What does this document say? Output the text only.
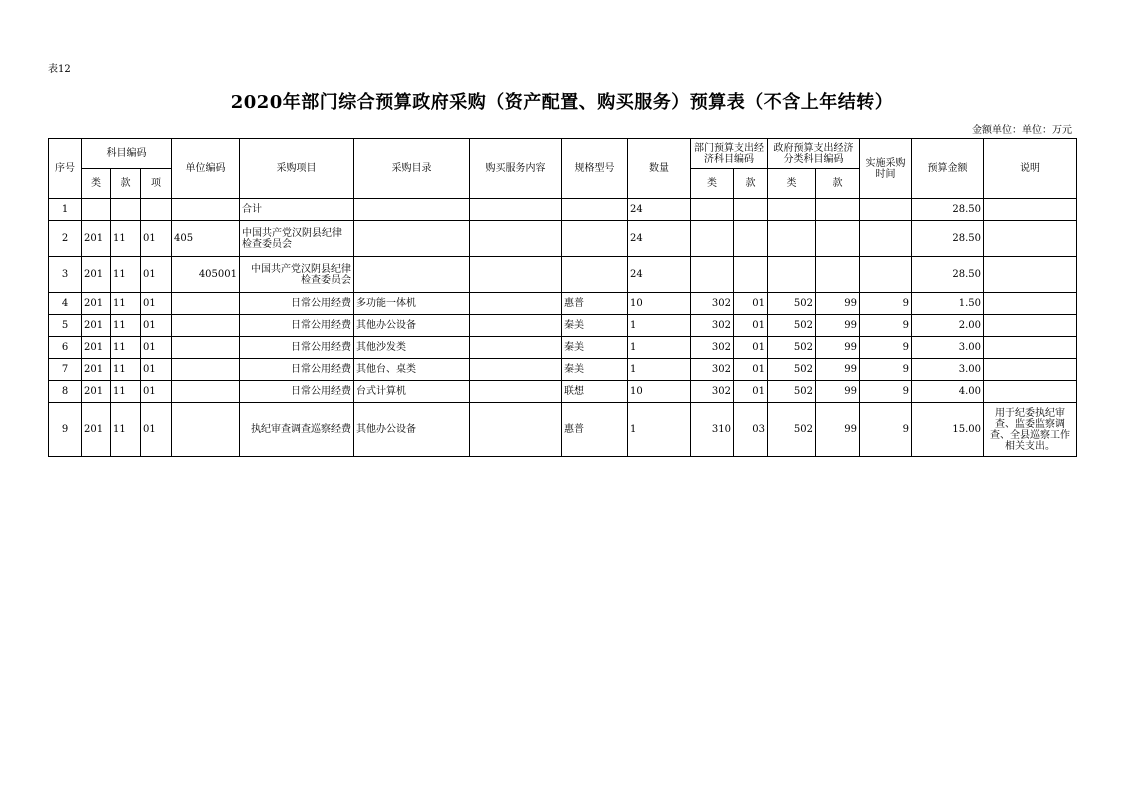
表12
2020年部门综合预算政府采购（资产配置、购买服务）预算表（不含上年结转）
金额单位：单位：万元
序号	科目编码			单位编码	采购项目	采购目录	购买服务内容	规格型号	数量	部门预算支出经济科目编码		政府预算支出经济分类科目编码		实施采购时间	预算金额	说明
	类	款	项							类	款	类	款			
1					合计				24						28.50	
2	201	11	01	405	中国共产党汉阴县纪律检查委员会				24						28.50	
3	201	11	01	405001	中国共产党汉阴县纪律检查委员会				24						28.50	
4	201	11	01		日常公用经费	多功能一体机		惠普	10	302	01	502	99	9	1.50	
5	201	11	01		日常公用经费	其他办公设备		秦美	1	302	01	502	99	9	2.00	
6	201	11	01		日常公用经费	其他沙发类		秦美	1	302	01	502	99	9	3.00	
7	201	11	01		日常公用经费	其他台、桌类		秦美	1	302	01	502	99	9	3.00	
8	201	11	01		日常公用经费	台式计算机		联想	10	302	01	502	99	9	4.00	
9	201	11	01		执纪审查调查巡察经费	其他办公设备		惠普	1	310	03	502	99	9	15.00	用于纪委执纪审查、监委监察调查、全县巡察工作相关支出。
